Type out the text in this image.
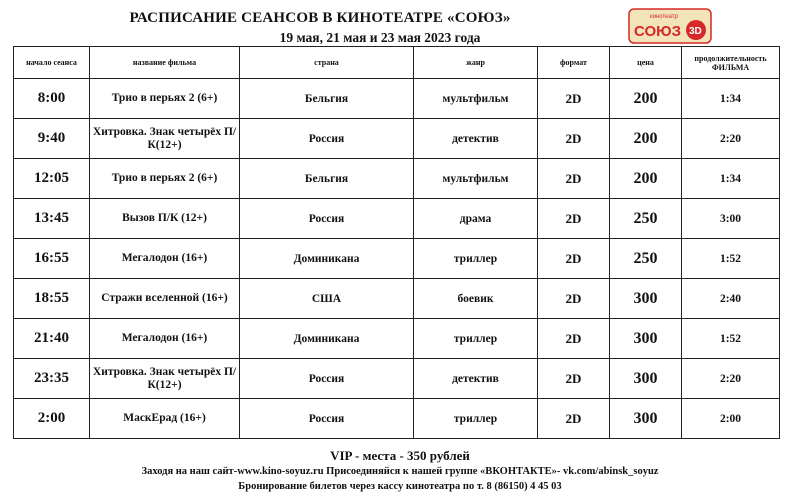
РАСПИСАНИЕ СЕАНСОВ В КИНОТЕАТРЕ «СОЮЗ»
19 мая, 21 мая и 23 мая 2023 года
кинотеатр
СОЮЗ 3D
начало сеанса	название фильма	страна	жанр	формат	цена	продолжительность ФИЛЬМА
8:00	Трио в перьях 2 (6+)	Бельгия	мультфильм	2D	200	1:34
9:40	Хитровка. Знак четырёх П/К(12+)	Россия	детектив	2D	200	2:20
12:05	Трио в перьях 2 (6+)	Бельгия	мультфильм	2D	200	1:34
13:45	Вызов П/К (12+)	Россия	драма	2D	250	3:00
16:55	Мегалодон (16+)	Доминикана	триллер	2D	250	1:52
18:55	Стражи вселенной (16+)	США	боевик	2D	300	2:40
21:40	Мегалодон (16+)	Доминикана	триллер	2D	300	1:52
23:35	Хитровка. Знак четырёх П/К(12+)	Россия	детектив	2D	300	2:20
2:00	МаскЕрад (16+)	Россия	триллер	2D	300	2:00
VIP - места - 350 рублей
Заходя на наш сайт-www.kino-soyuz.ru Присоединяйся к нашей группе «ВКОНТАКТЕ»- vk.com/abinsk_soyuz
Бронирование билетов через кассу кинотеатра по т. 8 (86150) 4 45 03
